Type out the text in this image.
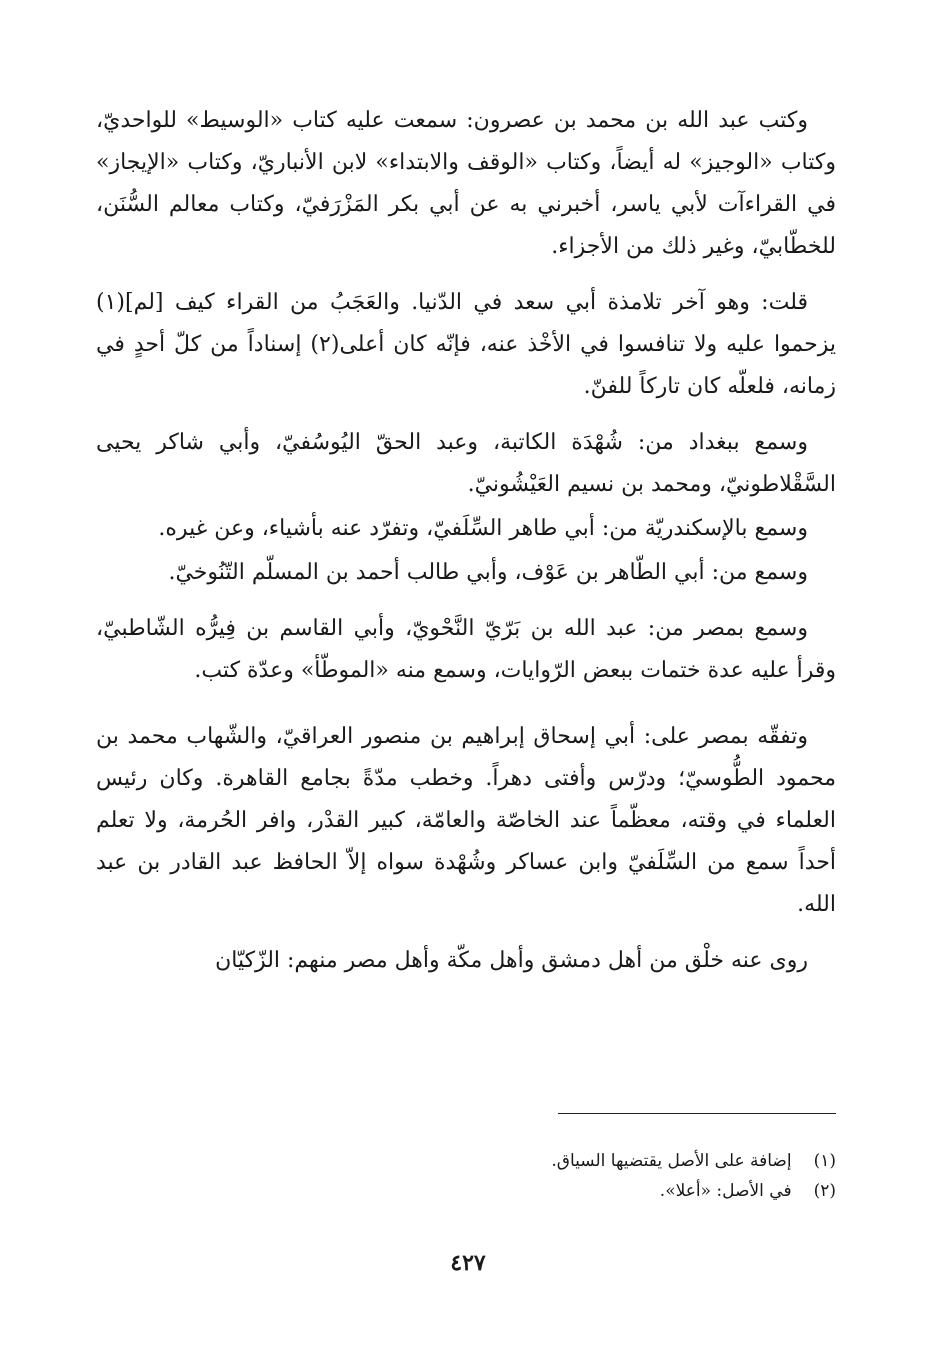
وكتب عبد الله بن محمد بن عصرون: سمعت عليه كتاب «الوسيط» للواحديّ، وكتاب «الوجيز» له أيضاً، وكتاب «الوقف والابتداء» لابن الأنباريّ، وكتاب «الإيجاز» في القراءآت لأبي ياسر، أخبرني به عن أبي بكر المَزْرَفيّ، وكتاب معالم السُّنَن، للخطّابيّ، وغير ذلك من الأجزاء.

قلت: وهو آخر تلامذة أبي سعد في الدّنيا. والعَجَبُ من القراء كيف [لم](١) يزحموا عليه ولا تنافسوا في الأخْذ عنه، فإنّه كان أعلى(٢) إسناداً من كلّ أحدٍ في زمانه، فلعلّه كان تاركاً للفنّ.

وسمع ببغداد من: شُهْدَة الكاتبة، وعبد الحقّ اليُوسُفيّ، وأبي شاكر يحيى السَّقْلاطونيّ، ومحمد بن نسيم العَيْشُونيّ.

وسمع بالإسكندريّة من: أبي طاهر السِّلَفيّ، وتفرّد عنه بأشياء، وعن غيره.

وسمع من: أبي الطّاهر بن عَوْف، وأبي طالب أحمد بن المسلّم التّنُوخيّ.

وسمع بمصر من: عبد الله بن بَرّيّ النَّحْويّ، وأبي القاسم بن فِيرُّه الشّاطبيّ، وقرأ عليه عدة ختمات ببعض الرّوايات، وسمع منه «الموطّأ» وعدّة كتب.

وتفقّه بمصر على: أبي إسحاق إبراهيم بن منصور العراقيّ، والشّهاب محمد بن محمود الطُّوسيّ؛ ودرّس وأفتى دهراً. وخطب مدّةً بجامع القاهرة. وكان رئيس العلماء في وقته، معظّماً عند الخاصّة والعامّة، كبير القدْر، وافر الحُرمة، ولا تعلم أحداً سمع من السِّلَفيّ وابن عساكر وشُهْدة سواه إلاّ الحافظ عبد القادر بن عبد الله.

روى عنه خلْق من أهل دمشق وأهل مكّة وأهل مصر منهم: الزّكيّان

(١)
إضافة على الأصل يقتضيها السياق.

(٢)
في الأصل: «أعلا».

٤٢٧
